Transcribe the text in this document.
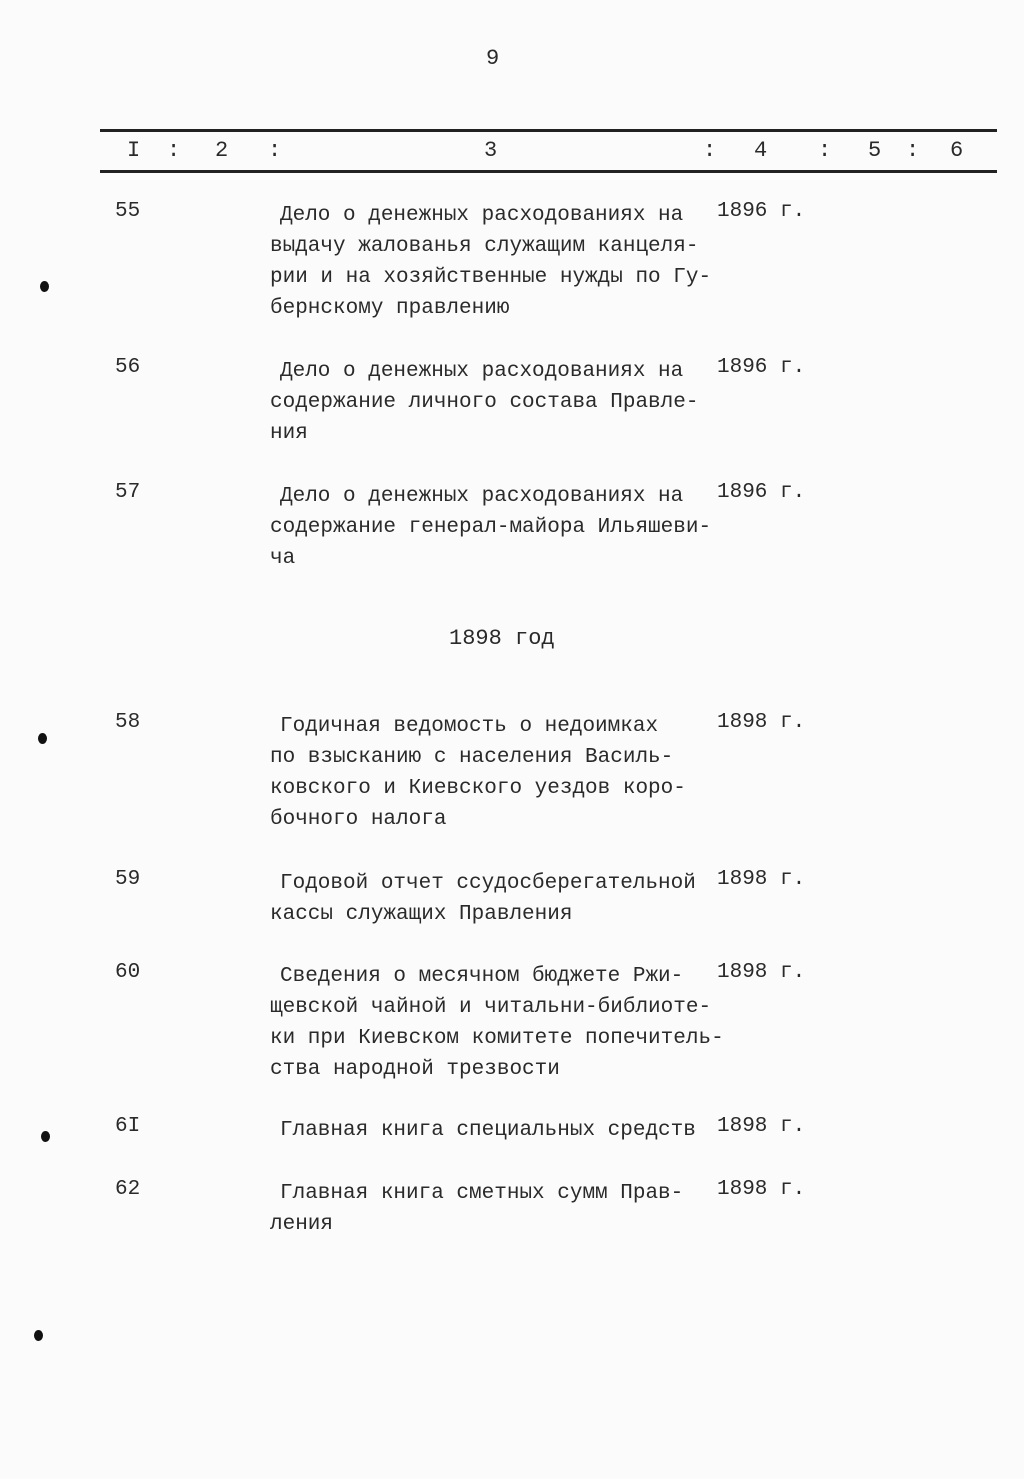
9
I : 2 :	3	: 4 : 5 : 6
55	Дело о денежных расходованиях на
выдачу жалованья служащим канцеля-
рии и на хозяйственные нужды по Гу-
бернскому правлению
1896 г.
56	Дело о денежных расходованиях на
содержание личного состава Правле-
ния
1896 г.
57	Дело о денежных расходованиях на
содержание генерал-майора Ильяшеви-
ча
1896 г.
58	Годичная ведомость о недоимках
по взысканию с населения Василь-
ковского и Киевского уездов коро-
бочного налога
1898 г.
59	Годовой отчет ссудосберегательной
кассы служащих Правления
1898 г.
60	Сведения о месячном бюджете Ржи-
щевской чайной и читальни-библиоте-
ки при Киевском комитете попечитель-
ства народной трезвости
1898 г.
6I	Главная книга специальных средств 1898 г.
62	Главная книга сметных сумм Прав-
ления
1898 г.
1898 год
